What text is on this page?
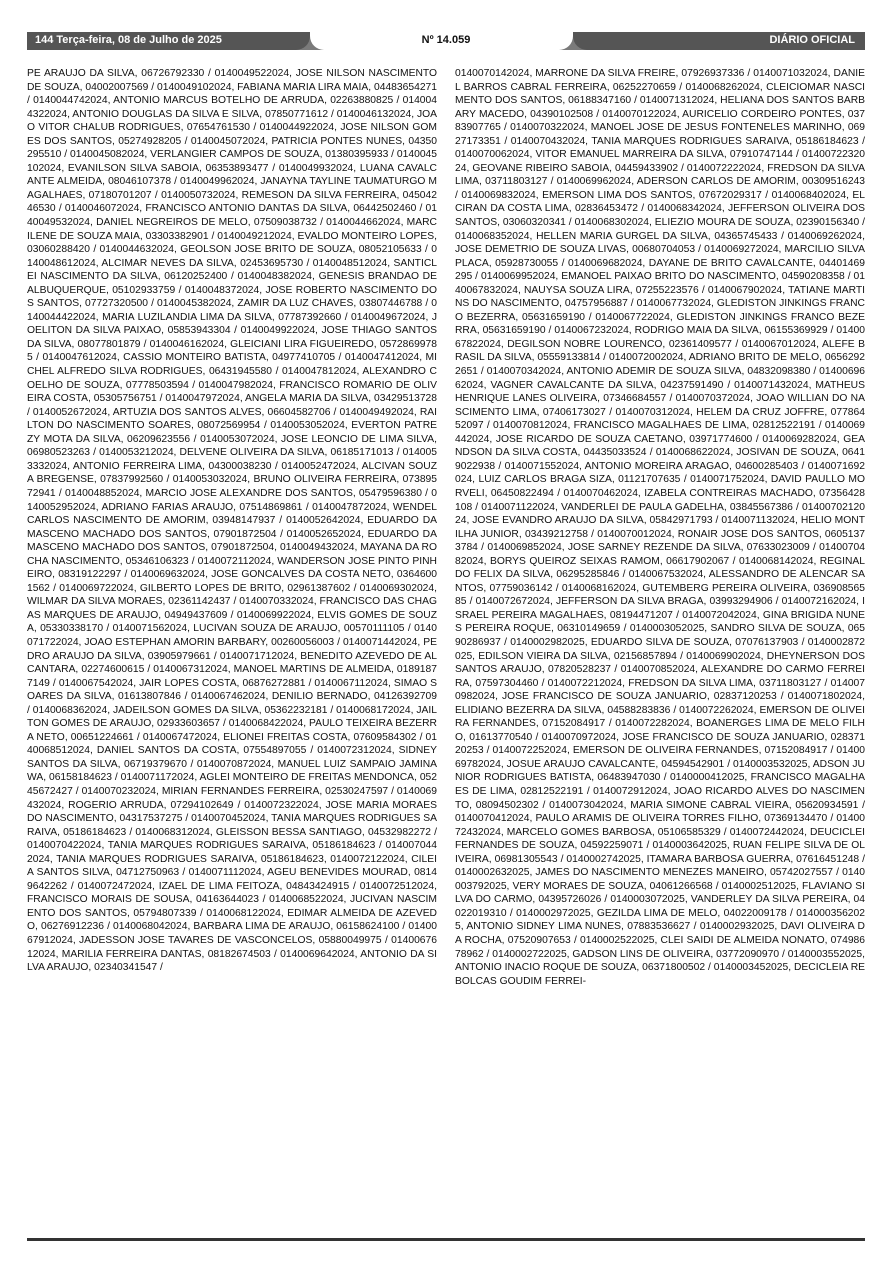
144 Terça-feira, 08 de Julho de 2025	Nº 14.059	DIÁRIO OFICIAL
PE ARAUJO DA SILVA, 06726792330 / 0140049522024, JOSE NILSON NASCIMENTO DE SOUZA, 04002007569 / 0140049102024, FABIANA MARIA LIRA MAIA, 04483654271 / 0140044742024, ANTONIO MARCUS BOTELHO DE ARRUDA, 02263880825 / 0140044322024, ANTONIO DOUGLAS DA SILVA E SILVA, 07850771612 / 0140046132024, JOAO VITOR CHALUB RODRIGUES, 07654761530 / 0140044922024, JOSE NILSON GOMES DOS SANTOS, 05274928205 / 0140045072024, PATRICIA PONTES NUNES, 04350295510 / 0140045082024, VERLANGIER CAMPOS DE SOUZA, 01380395933 / 0140045102024, EVANILSON SILVA SABOIA, 06353893477 / 0140049932024, LUANA CAVALCANTE ALMEIDA, 08046107378 / 0140049962024, JANAYNA TAYLINE TAUMATURGO MAGALHAES, 07180701207 / 0140050732024, REMESON DA SILVA FERREIRA, 04504246530 / 0140046072024, FRANCISCO ANTONIO DANTAS DA SILVA, 06442502460 / 0140049532024, DANIEL NEGREIROS DE MELO, 07509038732 / 0140044662024, MARCILENE DE SOUZA MAIA, 03303382901 / 0140049212024, EVALDO MONTEIRO LOPES, 03060288420 / 0140044632024, GEOLSON JOSE BRITO DE SOUZA, 08052105633 / 0140048612024, ALCIMAR NEVES DA SILVA, 02453695730 / 0140048512024, SANTICLEI NASCIMENTO DA SILVA, 06120252400 / 0140048382024, GENESIS BRANDAO DE ALBUQUERQUE, 05102933759 / 0140048372024, JOSE ROBERTO NASCIMENTO DOS SANTOS, 07727320500 / 0140045382024, ZAMIR DA LUZ CHAVES, 03807446788 / 0140044422024, MARIA LUZILANDIA LIMA DA SILVA, 07787392660 / 0140049672024, JOELITON DA SILVA PAIXAO, 05853943304 / 0140049922024, JOSE THIAGO SANTOS DA SILVA, 08077801879 / 0140046162024, GLEICIANI LIRA FIGUEIREDO, 05728699785 / 0140047612024, CASSIO MONTEIRO BATISTA, 04977410705 / 0140047412024, MICHEL ALFREDO SILVA RODRIGUES, 06431945580 / 0140047812024, ALEXANDRO COELHO DE SOUZA, 07778503594 / 0140047982024, FRANCISCO ROMARIO DE OLIVEIRA COSTA, 05305756751 / 0140047972024, ANGELA MARIA DA SILVA, 03429513728 / 0140052672024, ARTUZIA DOS SANTOS ALVES, 06604582706 / 0140049492024, RAILTON DO NASCIMENTO SOARES, 08072569954 / 0140053052024, EVERTON PATREZY MOTA DA SILVA, 06209623556 / 0140053072024, JOSE LEONCIO DE LIMA SILVA, 06980523263 / 0140053212024, DELVENE OLIVEIRA DA SILVA, 06185171013 / 0140053332024, ANTONIO FERREIRA LIMA, 04300038230 / 0140052472024, ALCIVAN SOUZA BREGENSE, 07837992560 / 0140053032024, BRUNO OLIVEIRA FERREIRA, 07389572941 / 0140048852024, MARCIO JOSE ALEXANDRE DOS SANTOS, 05479596380 / 0140052952024, ADRIANO FARIAS ARAUJO, 07514869861 / 0140047872024, WENDEL CARLOS NASCIMENTO DE AMORIM, 03948147937 / 0140052642024, EDUARDO DAMASCENO MACHADO DOS SANTOS, 07901872504 / 0140052652024, EDUARDO DAMASCENO MACHADO DOS SANTOS, 07901872504, 0140049432024, MAYANA DA ROCHA NASCIMENTO, 05346106323 / 0140072112024, WANDERSON JOSE PINTO PINHEIRO, 08319122297 / 0140069632024, JOSE GONCALVES DA COSTA NETO, 03646001562 / 0140069722024, GILBERTO LOPES DE BRITO, 02961387602 / 0140069302024, WILMAR DA SILVA MORAES, 02361142437 / 0140070332024, FRANCISCO DAS CHAGAS MARQUES DE ARAUJO, 04949437609 / 0140069922024, ELVIS GOMES DE SOUZA, 05330338170 / 0140071562024, LUCIVAN SOUZA DE ARAUJO, 00570111105 / 0140071722024, JOAO ESTEPHAN AMORIN BARBARY, 00260056003 / 0140071442024, PEDRO ARAUJO DA SILVA, 03905979661 / 0140071712024, BENEDITO AZEVEDO DE ALCANTARA, 02274600615 / 0140067312024, MANOEL MARTINS DE ALMEIDA, 01891877149 / 0140067542024, JAIR LOPES COSTA, 06876272881 / 0140067112024, SIMAO SOARES DA SILVA, 01613807846 / 0140067462024, DENILIO BERNADO, 04126392709 / 0140068362024, JADEILSON GOMES DA SILVA, 05362232181 / 0140068172024, JAILTON GOMES DE ARAUJO, 02933603657 / 0140068422024, PAULO TEIXEIRA BEZERRA NETO, 00651224661 / 0140067472024, ELIONEI FREITAS COSTA, 07609584302 / 0140068512024, DANIEL SANTOS DA COSTA, 07554897055 / 0140072312024, SIDNEY SANTOS DA SILVA, 06719379670 / 0140070872024, MANUEL LUIZ SAMPAIO JAMINAWA, 06158184623 / 0140071172024, AGLEI MONTEIRO DE FREITAS MENDONCA, 05245672427 / 0140070232024, MIRIAN FERNANDES FERREIRA, 02530247597 / 0140069432024, ROGERIO ARRUDA, 07294102649 / 0140072322024, JOSE MARIA MORAES DO NASCIMENTO, 04317537275 / 0140070452024, TANIA MARQUES RODRIGUES SARAIVA, 05186184623 / 0140068312024, GLEISSON BESSA SANTIAGO, 04532982272 / 0140070422024, TANIA MARQUES RODRIGUES SARAIVA, 05186184623 / 0140070442024, TANIA MARQUES RODRIGUES SARAIVA, 05186184623, 0140072122024, CILEIA SANTOS SILVA, 04712750963 / 0140071112024, AGEU BENEVIDES MOURAD, 08149642262 / 0140072472024, IZAEL DE LIMA FEITOZA, 04843424915 / 0140072512024, FRANCISCO MORAIS DE SOUSA, 04163644023 / 0140068522024, JUCIVAN NASCIMENTO DOS SANTOS, 05794807339 / 0140068122024, EDIMAR ALMEIDA DE AZEVEDO, 06276912236 / 0140068042024, BARBARA LIMA DE ARAUJO, 06158624100 / 0140067912024, JADESSON JOSE TAVARES DE VASCONCELOS, 05880049975 / 0140067612024, MARILIA FERREIRA DANTAS, 08182674503 / 0140069642024, ANTONIO DA SILVA ARAUJO, 02340341547 /
0140070142024, MARRONE DA SILVA FREIRE, 07926937336 / 0140071032024, DANIEL BARROS CABRAL FERREIRA, 06252270659 / 0140068262024, CLEICIOMAR NASCIMENTO DOS SANTOS, 06188347160 / 0140071312024, HELIANA DOS SANTOS BARBARY MACEDO, 04390102508 / 0140070122024, AURICELIO CORDEIRO PONTES, 03783907765 / 0140070322024, MANOEL JOSE DE JESUS FONTENELES MARINHO, 06927173351 / 0140070432024, TANIA MARQUES RODRIGUES SARAIVA, 05186184623 / 0140070062024, VITOR EMANUEL MARREIRA DA SILVA, 07910747144 / 0140072232024, GEOVANE RIBEIRO SABOIA, 04459433902 / 0140072222024, FREDSON DA SILVA LIMA, 03711803127 / 0140069962024, ADERSON CARLOS DE AMORIM, 00309516243 / 0140069832024, EMERSON LIMA DOS SANTOS, 07672029317 / 0140068402024, ELCIRAN DA COSTA LIMA, 02836453472 / 0140068342024, JEFFERSON OLIVEIRA DOS SANTOS, 03060320341 / 0140068302024, ELIEZIO MOURA DE SOUZA, 02390156340 / 0140068352024, HELLEN MARIA GURGEL DA SILVA, 04365745433 / 0140069262024, JOSE DEMETRIO DE SOUZA LIVAS, 00680704053 / 0140069272024, MARCILIO SILVA PLACA, 05928730055 / 0140069682024, DAYANE DE BRITO CAVALCANTE, 04401469295 / 0140069952024, EMANOEL PAIXAO BRITO DO NASCIMENTO, 04590208358 / 0140067832024, NAUYSA SOUZA LIRA, 07255223576 / 0140067902024, TATIANE MARTINS DO NASCIMENTO, 04757956887 / 0140067732024, GLEDISTON JINKINGS FRANCO BEZERRA, 05631659190 / 0140067722024, GLEDISTON JINKINGS FRANCO BEZERRA, 05631659190 / 0140067232024, RODRIGO MAIA DA SILVA, 06155369929 / 0140067822024, DEGILSON NOBRE LOURENCO, 02361409577 / 0140067012024, ALEFE BRASIL DA SILVA, 05559133814 / 0140072002024, ADRIANO BRITO DE MELO, 06562922651 / 0140070342024, ANTONIO ADEMIR DE SOUZA SILVA, 04832098380 / 0140069662024, VAGNER CAVALCANTE DA SILVA, 04237591490 / 0140071432024, MATHEUS HENRIQUE LANES OLIVEIRA, 07346684557 / 0140070372024, JOAO WILLIAN DO NASCIMENTO LIMA, 07406173027 / 0140070312024, HELEM DA CRUZ JOFFRE, 07786452097 / 0140070812024, FRANCISCO MAGALHAES DE LIMA, 02812522191 / 0140069442024, JOSE RICARDO DE SOUZA CAETANO, 03971774600 / 0140069282024, GEANDSON DA SILVA COSTA, 04435033524 / 0140068622024, JOSIVAN DE SOUZA, 06419022938 / 0140071552024, ANTONIO MOREIRA ARAGAO, 04600285403 / 0140071692024, LUIZ CARLOS BRAGA SIZA, 01121707635 / 0140071752024, DAVID PAULLO MORVELI, 06450822494 / 0140070462024, IZABELA CONTREIRAS MACHADO, 07356428108 / 0140071122024, VANDERLEI DE PAULA GADELHA, 03845567386 / 0140070212024, JOSE EVANDRO ARAUJO DA SILVA, 05842971793 / 0140071132024, HELIO MONTILHA JUNIOR, 03439212758 / 0140070012024, RONAIR JOSE DOS SANTOS, 06051373784 / 0140069852024, JOSE SARNEY REZENDE DA SILVA, 07633023009 / 0140070482024, BORYS QUEIROZ SEIXAS RAMOM, 06617902067 / 0140068142024, REGINALDO FELIX DA SILVA, 06295285846 / 0140067532024, ALESSANDRO DE ALENCAR SANTOS, 07759036142 / 0140068162024, GUTEMBERG PEREIRA OLIVEIRA, 03690856585 / 0140072672024, JEFFERSON DA SILVA BRAGA, 03993294906 / 0140072162024, ISRAEL PEREIRA MAGALHAES, 08194471207 / 0140072042024, GINA BRIGIDA NUNES PEREIRA ROQUE, 06310149659 / 0140003052025, SANDRO SILVA DE SOUZA, 06590286937 / 0140002982025, EDUARDO SILVA DE SOUZA, 07076137903 / 0140002872025, EDILSON VIEIRA DA SILVA, 02156857894 / 0140069902024, DHEYNERSON DOS SANTOS ARAUJO, 07820528237 / 0140070852024, ALEXANDRE DO CARMO FERREIRA, 07597304460 / 0140072212024, FREDSON DA SILVA LIMA, 03711803127 / 0140070982024, JOSE FRANCISCO DE SOUZA JANUARIO, 02837120253 / 0140071802024, ELIDIANO BEZERRA DA SILVA, 04588283836 / 0140072262024, EMERSON DE OLIVEIRA FERNANDES, 07152084917 / 0140072282024, BOANERGES LIMA DE MELO FILHO, 01613770540 / 0140070972024, JOSE FRANCISCO DE SOUZA JANUARIO, 02837120253 / 0140072252024, EMERSON DE OLIVEIRA FERNANDES, 07152084917 / 0140069782024, JOSUE ARAUJO CAVALCANTE, 04594542901 / 0140003532025, ADSON JUNIOR RODRIGUES BATISTA, 06483947030 / 0140000412025, FRANCISCO MAGALHAES DE LIMA, 02812522191 / 0140072912024, JOAO RICARDO ALVES DO NASCIMENTO, 08094502302 / 0140073042024, MARIA SIMONE CABRAL VIEIRA, 05620934591 / 0140070412024, PAULO ARAMIS DE OLIVEIRA TORRES FILHO, 07369134470 / 0140072432024, MARCELO GOMES BARBOSA, 05106585329 / 0140072442024, DEUCICLEI FERNANDES DE SOUZA, 04592259071 / 0140003642025, RUAN FELIPE SILVA DE OLIVEIRA, 06981305543 / 0140002742025, ITAMARA BARBOSA GUERRA, 07616451248 / 0140002632025, JAMES DO NASCIMENTO MENEZES MANEIRO, 05742027557 / 0140003792025, VERY MORAES DE SOUZA, 04061266568 / 0140002512025, FLAVIANO SILVA DO CARMO, 04395726026 / 0140003072025, VANDERLEY DA SILVA PEREIRA, 04022019310 / 0140002972025, GEZILDA LIMA DE MELO, 04022009178 / 0140003562025, ANTONIO SIDNEY LIMA NUNES, 07883536627 / 0140002932025, DAVI OLIVEIRA DA ROCHA, 07520907653 / 0140002522025, CLEI SAIDI DE ALMEIDA NONATO, 07498678962 / 0140002722025, GADSON LINS DE OLIVEIRA, 03772090970 / 0140003552025, ANTONIO INACIO ROQUE DE SOUZA, 06371800502 / 0140003452025, DECICLEIA REBOLCAS GOUDIM FERREI-
